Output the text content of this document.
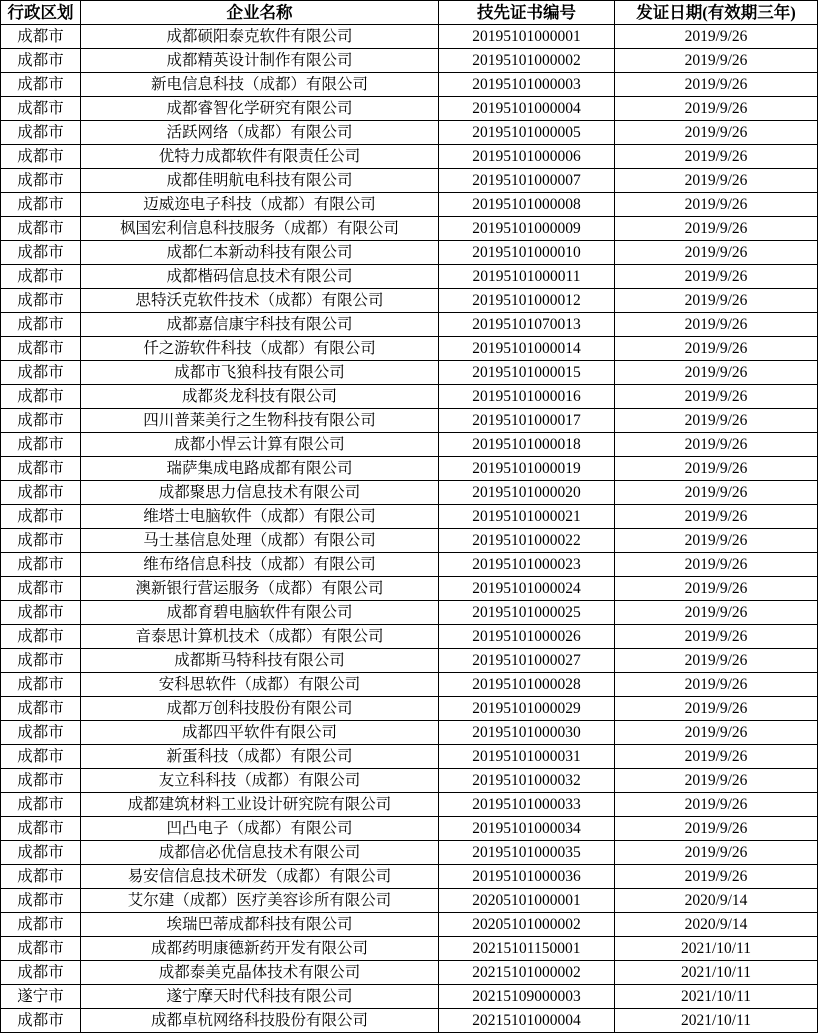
行政区划	企业名称	技先证书编号	发证日期(有效期三年)
成都市	成都硕阳泰克软件有限公司	20195101000001	2019/9/26
成都市	成都精英设计制作有限公司	20195101000002	2019/9/26
成都市	新电信息科技（成都）有限公司	20195101000003	2019/9/26
成都市	成都睿智化学研究有限公司	20195101000004	2019/9/26
成都市	活跃网络（成都）有限公司	20195101000005	2019/9/26
成都市	优特力成都软件有限责任公司	20195101000006	2019/9/26
成都市	成都佳明航电科技有限公司	20195101000007	2019/9/26
成都市	迈威迩电子科技（成都）有限公司	20195101000008	2019/9/26
成都市	枫国宏利信息科技服务（成都）有限公司	20195101000009	2019/9/26
成都市	成都仁本新动科技有限公司	20195101000010	2019/9/26
成都市	成都楷码信息技术有限公司	20195101000011	2019/9/26
成都市	思特沃克软件技术（成都）有限公司	20195101000012	2019/9/26
成都市	成都嘉信康宇科技有限公司	20195101070013	2019/9/26
成都市	仟之游软件科技（成都）有限公司	20195101000014	2019/9/26
成都市	成都市飞狼科技有限公司	20195101000015	2019/9/26
成都市	成都炎龙科技有限公司	20195101000016	2019/9/26
成都市	四川普莱美行之生物科技有限公司	20195101000017	2019/9/26
成都市	成都小悍云计算有限公司	20195101000018	2019/9/26
成都市	瑞萨集成电路成都有限公司	20195101000019	2019/9/26
成都市	成都聚思力信息技术有限公司	20195101000020	2019/9/26
成都市	维塔士电脑软件（成都）有限公司	20195101000021	2019/9/26
成都市	马士基信息处理（成都）有限公司	20195101000022	2019/9/26
成都市	维布络信息科技（成都）有限公司	20195101000023	2019/9/26
成都市	澳新银行营运服务（成都）有限公司	20195101000024	2019/9/26
成都市	成都育碧电脑软件有限公司	20195101000025	2019/9/26
成都市	音泰思计算机技术（成都）有限公司	20195101000026	2019/9/26
成都市	成都斯马特科技有限公司	20195101000027	2019/9/26
成都市	安科思软件（成都）有限公司	20195101000028	2019/9/26
成都市	成都万创科技股份有限公司	20195101000029	2019/9/26
成都市	成都四平软件有限公司	20195101000030	2019/9/26
成都市	新蛋科技（成都）有限公司	20195101000031	2019/9/26
成都市	友立科科技（成都）有限公司	20195101000032	2019/9/26
成都市	成都建筑材料工业设计研究院有限公司	20195101000033	2019/9/26
成都市	凹凸电子（成都）有限公司	20195101000034	2019/9/26
成都市	成都信必优信息技术有限公司	20195101000035	2019/9/26
成都市	易安信信息技术研发（成都）有限公司	20195101000036	2019/9/26
成都市	艾尔建（成都）医疗美容诊所有限公司	20205101000001	2020/9/14
成都市	埃瑞巴蒂成都科技有限公司	20205101000002	2020/9/14
成都市	成都药明康德新药开发有限公司	20215101150001	2021/10/11
成都市	成都泰美克晶体技术有限公司	20215101000002	2021/10/11
遂宁市	遂宁摩天时代科技有限公司	20215109000003	2021/10/11
成都市	成都卓杭网络科技股份有限公司	20215101000004	2021/10/11
